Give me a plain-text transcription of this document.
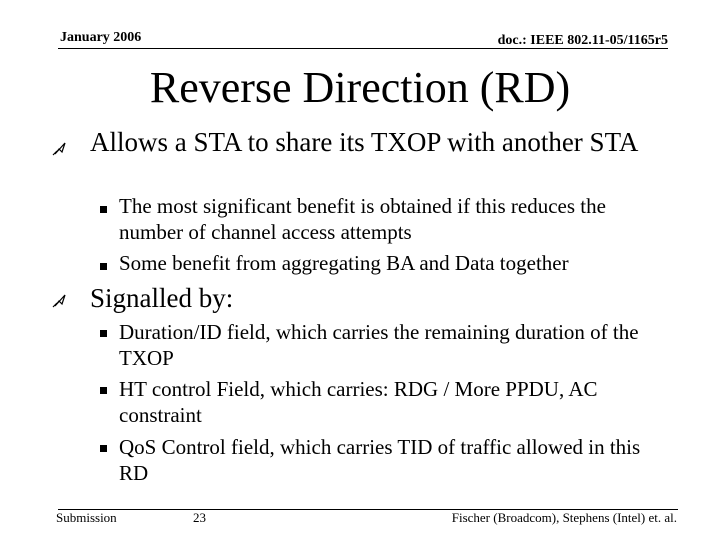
January 2006	doc.: IEEE 802.11-05/1165r5
Reverse Direction (RD)
Allows a STA to share its TXOP with another STA
The most significant benefit is obtained if this reduces the number of channel access attempts
Some benefit from aggregating BA and Data together
Signalled by:
Duration/ID field, which carries the remaining duration of the TXOP
HT control Field, which carries: RDG / More PPDU, AC constraint
QoS Control field, which carries TID of traffic allowed in this RD
Submission	23	Fischer (Broadcom), Stephens (Intel) et. al.
